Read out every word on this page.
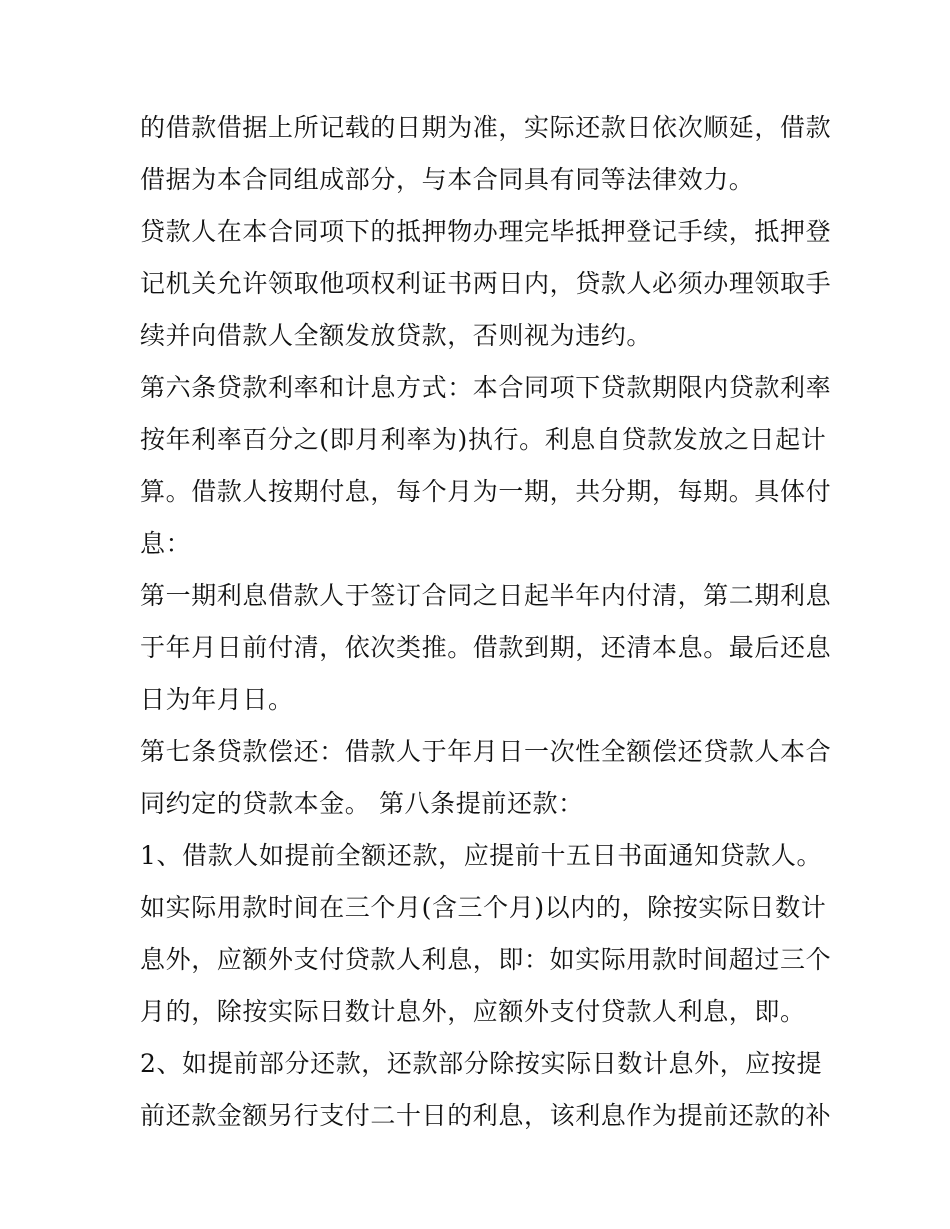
的借款借据上所记载的日期为准，实际还款日依次顺延，借款

借据为本合同组成部分，与本合同具有同等法律效力。

贷款人在本合同项下的抵押物办理完毕抵押登记手续，抵押登

记机关允许领取他项权利证书两日内，贷款人必须办理领取手

续并向借款人全额发放贷款，否则视为违约。

第六条贷款利率和计息方式：本合同项下贷款期限内贷款利率

按年利率百分之(即月利率为)执行。利息自贷款发放之日起计

算。借款人按期付息，每个月为一期，共分期，每期。具体付

息：

第一期利息借款人于签订合同之日起半年内付清，第二期利息

于年月日前付清，依次类推。借款到期，还清本息。最后还息

日为年月日。

第七条贷款偿还：借款人于年月日一次性全额偿还贷款人本合

同约定的贷款本金。 第八条提前还款：

1、借款人如提前全额还款，应提前十五日书面通知贷款人。

如实际用款时间在三个月(含三个月)以内的，除按实际日数计

息外，应额外支付贷款人利息，即：如实际用款时间超过三个

月的，除按实际日数计息外，应额外支付贷款人利息，即。

2、如提前部分还款，还款部分除按实际日数计息外，应按提

前还款金额另行支付二十日的利息，该利息作为提前还款的补
